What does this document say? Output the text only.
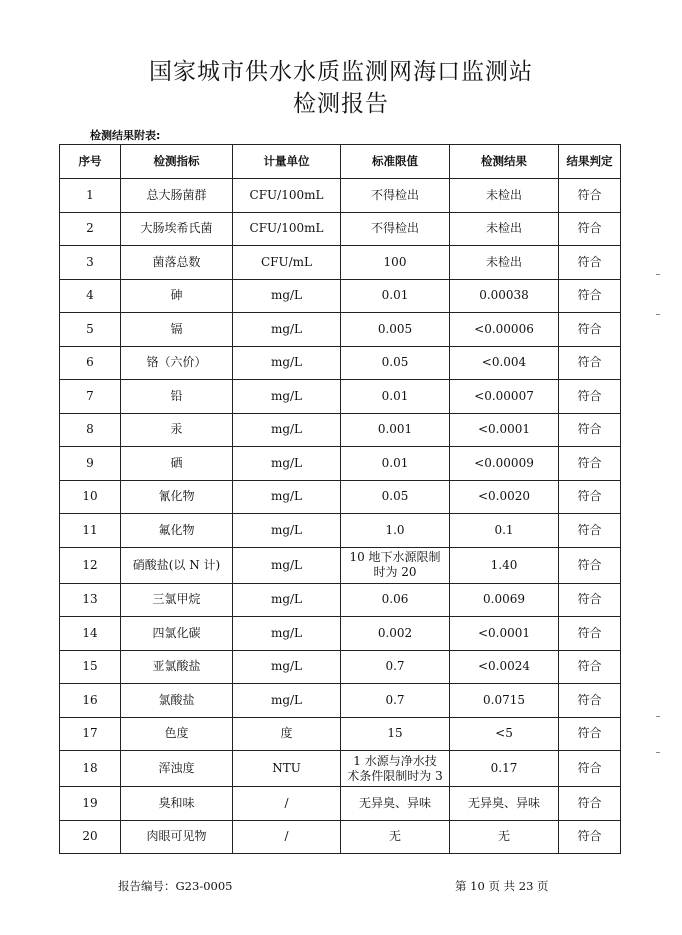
国家城市供水水质监测网海口监测站
检测报告
检测结果附表:
序号	检测指标	计量单位	标准限值	检测结果	结果判定
1	总大肠菌群	CFU/100mL	不得检出	未检出	符合
2	大肠埃希氏菌	CFU/100mL	不得检出	未检出	符合
3	菌落总数	CFU/mL	100	未检出	符合
4	砷	mg/L	0.01	0.00038	符合
5	镉	mg/L	0.005	<0.00006	符合
6	铬（六价）	mg/L	0.05	<0.004	符合
7	铅	mg/L	0.01	<0.00007	符合
8	汞	mg/L	0.001	<0.0001	符合
9	硒	mg/L	0.01	<0.00009	符合
10	氰化物	mg/L	0.05	<0.0020	符合
11	氟化物	mg/L	1.0	0.1	符合
12	硝酸盐(以 N 计)	mg/L	10 地下水源限制
时为 20	1.40	符合
13	三氯甲烷	mg/L	0.06	0.0069	符合
14	四氯化碳	mg/L	0.002	<0.0001	符合
15	亚氯酸盐	mg/L	0.7	<0.0024	符合
16	氯酸盐	mg/L	0.7	0.0715	符合
17	色度	度	15	<5	符合
18	浑浊度	NTU	1 水源与净水技
术条件限制时为 3	0.17	符合
19	臭和味	/	无异臭、异味	无异臭、异味	符合
20	肉眼可见物	/	无	无	符合
报告编号：G23-0005	第 10 页 共 23 页
